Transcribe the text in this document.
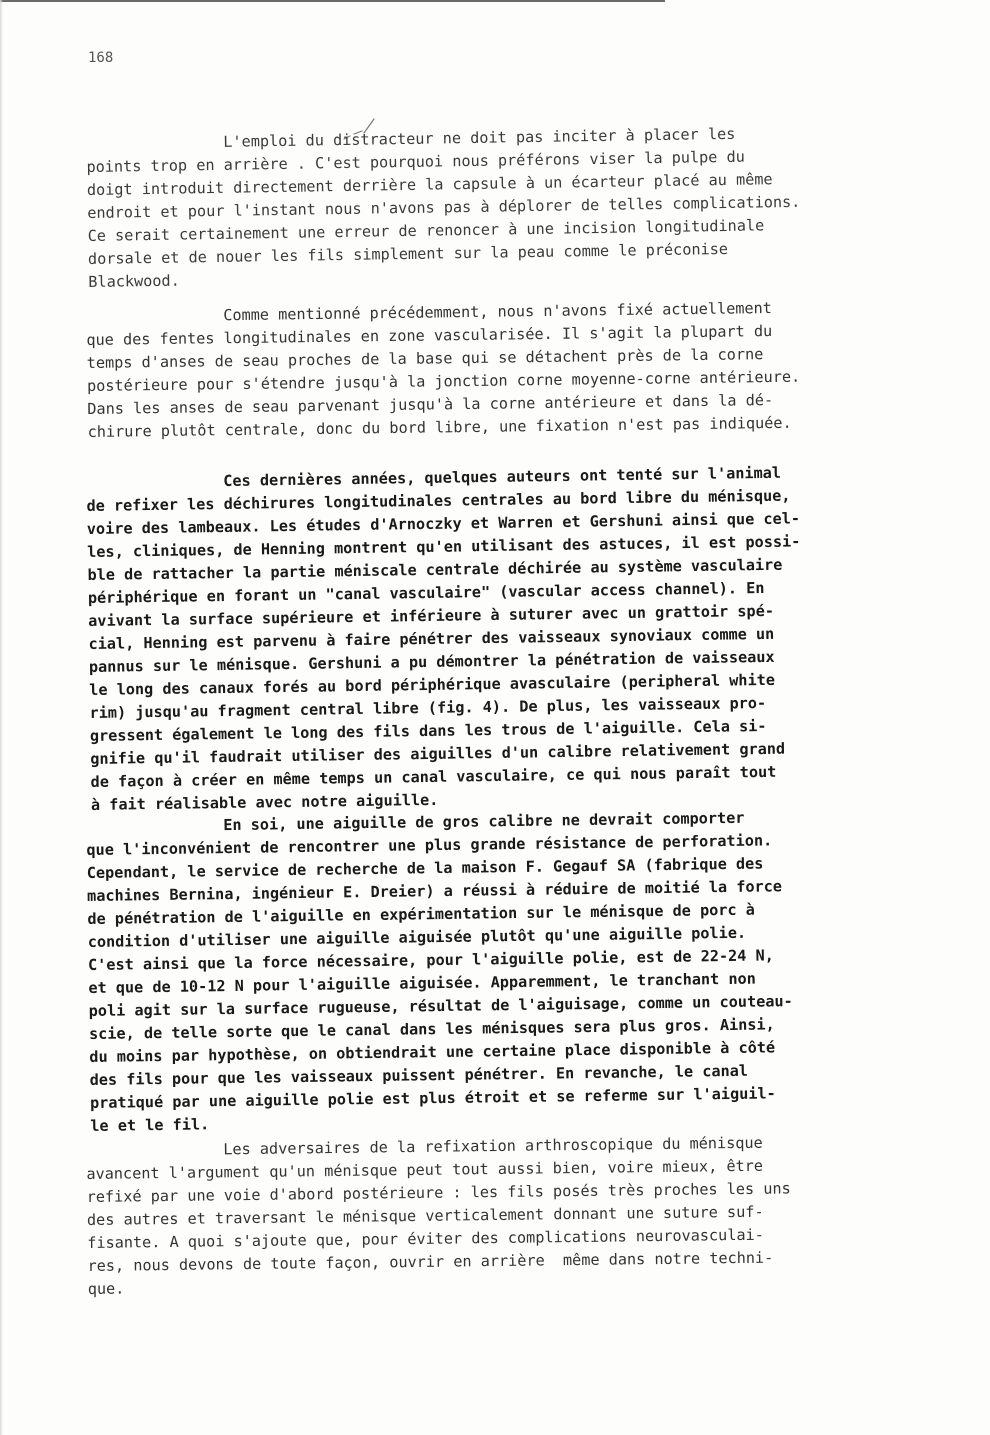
168
L'emploi du distracteur ne doit pas inciter à placer les
points trop en arrière . C'est pourquoi nous préférons viser la pulpe du
doigt introduit directement derrière la capsule à un écarteur placé au même
endroit et pour l'instant nous n'avons pas à déplorer de telles complications.
Ce serait certainement une erreur de renoncer à une incision longitudinale
dorsale et de nouer les fils simplement sur la peau comme le préconise
Blackwood.
Comme mentionné précédemment, nous n'avons fixé actuellement
que des fentes longitudinales en zone vascularisée. Il s'agit la plupart du
temps d'anses de seau proches de la base qui se détachent près de la corne
postérieure pour s'étendre jusqu'à la jonction corne moyenne-corne antérieure.
Dans les anses de seau parvenant jusqu'à la corne antérieure et dans la dé-
chirure plutôt centrale, donc du bord libre, une fixation n'est pas indiquée.
Ces dernières années, quelques auteurs ont tenté sur l'animal
de refixer les déchirures longitudinales centrales au bord libre du ménisque,
voire des lambeaux. Les études d'Arnoczky et Warren et Gershuni ainsi que cel-
les, cliniques, de Henning montrent qu'en utilisant des astuces, il est possi-
ble de rattacher la partie méniscale centrale déchirée au système vasculaire
périphérique en forant un "canal vasculaire" (vascular access channel). En
avivant la surface supérieure et inférieure à suturer avec un grattoir spé-
cial, Henning est parvenu à faire pénétrer des vaisseaux synoviaux comme un
pannus sur le ménisque. Gershuni a pu démontrer la pénétration de vaisseaux
le long des canaux forés au bord périphérique avasculaire (peripheral white
rim) jusqu'au fragment central libre (fig. 4). De plus, les vaisseaux pro-
gressent également le long des fils dans les trous de l'aiguille. Cela si-
gnifie qu'il faudrait utiliser des aiguilles d'un calibre relativement grand
de façon à créer en même temps un canal vasculaire, ce qui nous paraît tout
à fait réalisable avec notre aiguille.
En soi, une aiguille de gros calibre ne devrait comporter
que l'inconvénient de rencontrer une plus grande résistance de perforation.
Cependant, le service de recherche de la maison F. Gegauf SA (fabrique des
machines Bernina, ingénieur E. Dreier) a réussi à réduire de moitié la force
de pénétration de l'aiguille en expérimentation sur le ménisque de porc à
condition d'utiliser une aiguille aiguisée plutôt qu'une aiguille polie.
C'est ainsi que la force nécessaire, pour l'aiguille polie, est de 22-24 N,
et que de 10-12 N pour l'aiguille aiguisée. Apparemment, le tranchant non
poli agit sur la surface rugueuse, résultat de l'aiguisage, comme un couteau-
scie, de telle sorte que le canal dans les ménisques sera plus gros. Ainsi,
du moins par hypothèse, on obtiendrait une certaine place disponible à côté
des fils pour que les vaisseaux puissent pénétrer. En revanche, le canal
pratiqué par une aiguille polie est plus étroit et se referme sur l'aiguil-
le et le fil.
Les adversaires de la refixation arthroscopique du ménisque
avancent l'argument qu'un ménisque peut tout aussi bien, voire mieux, être
refixé par une voie d'abord postérieure : les fils posés très proches les uns
des autres et traversant le ménisque verticalement donnant une suture suf-
fisante. A quoi s'ajoute que, pour éviter des complications neurovasculai-
res, nous devons de toute façon, ouvrir en arrière  même dans notre techni-
que.
